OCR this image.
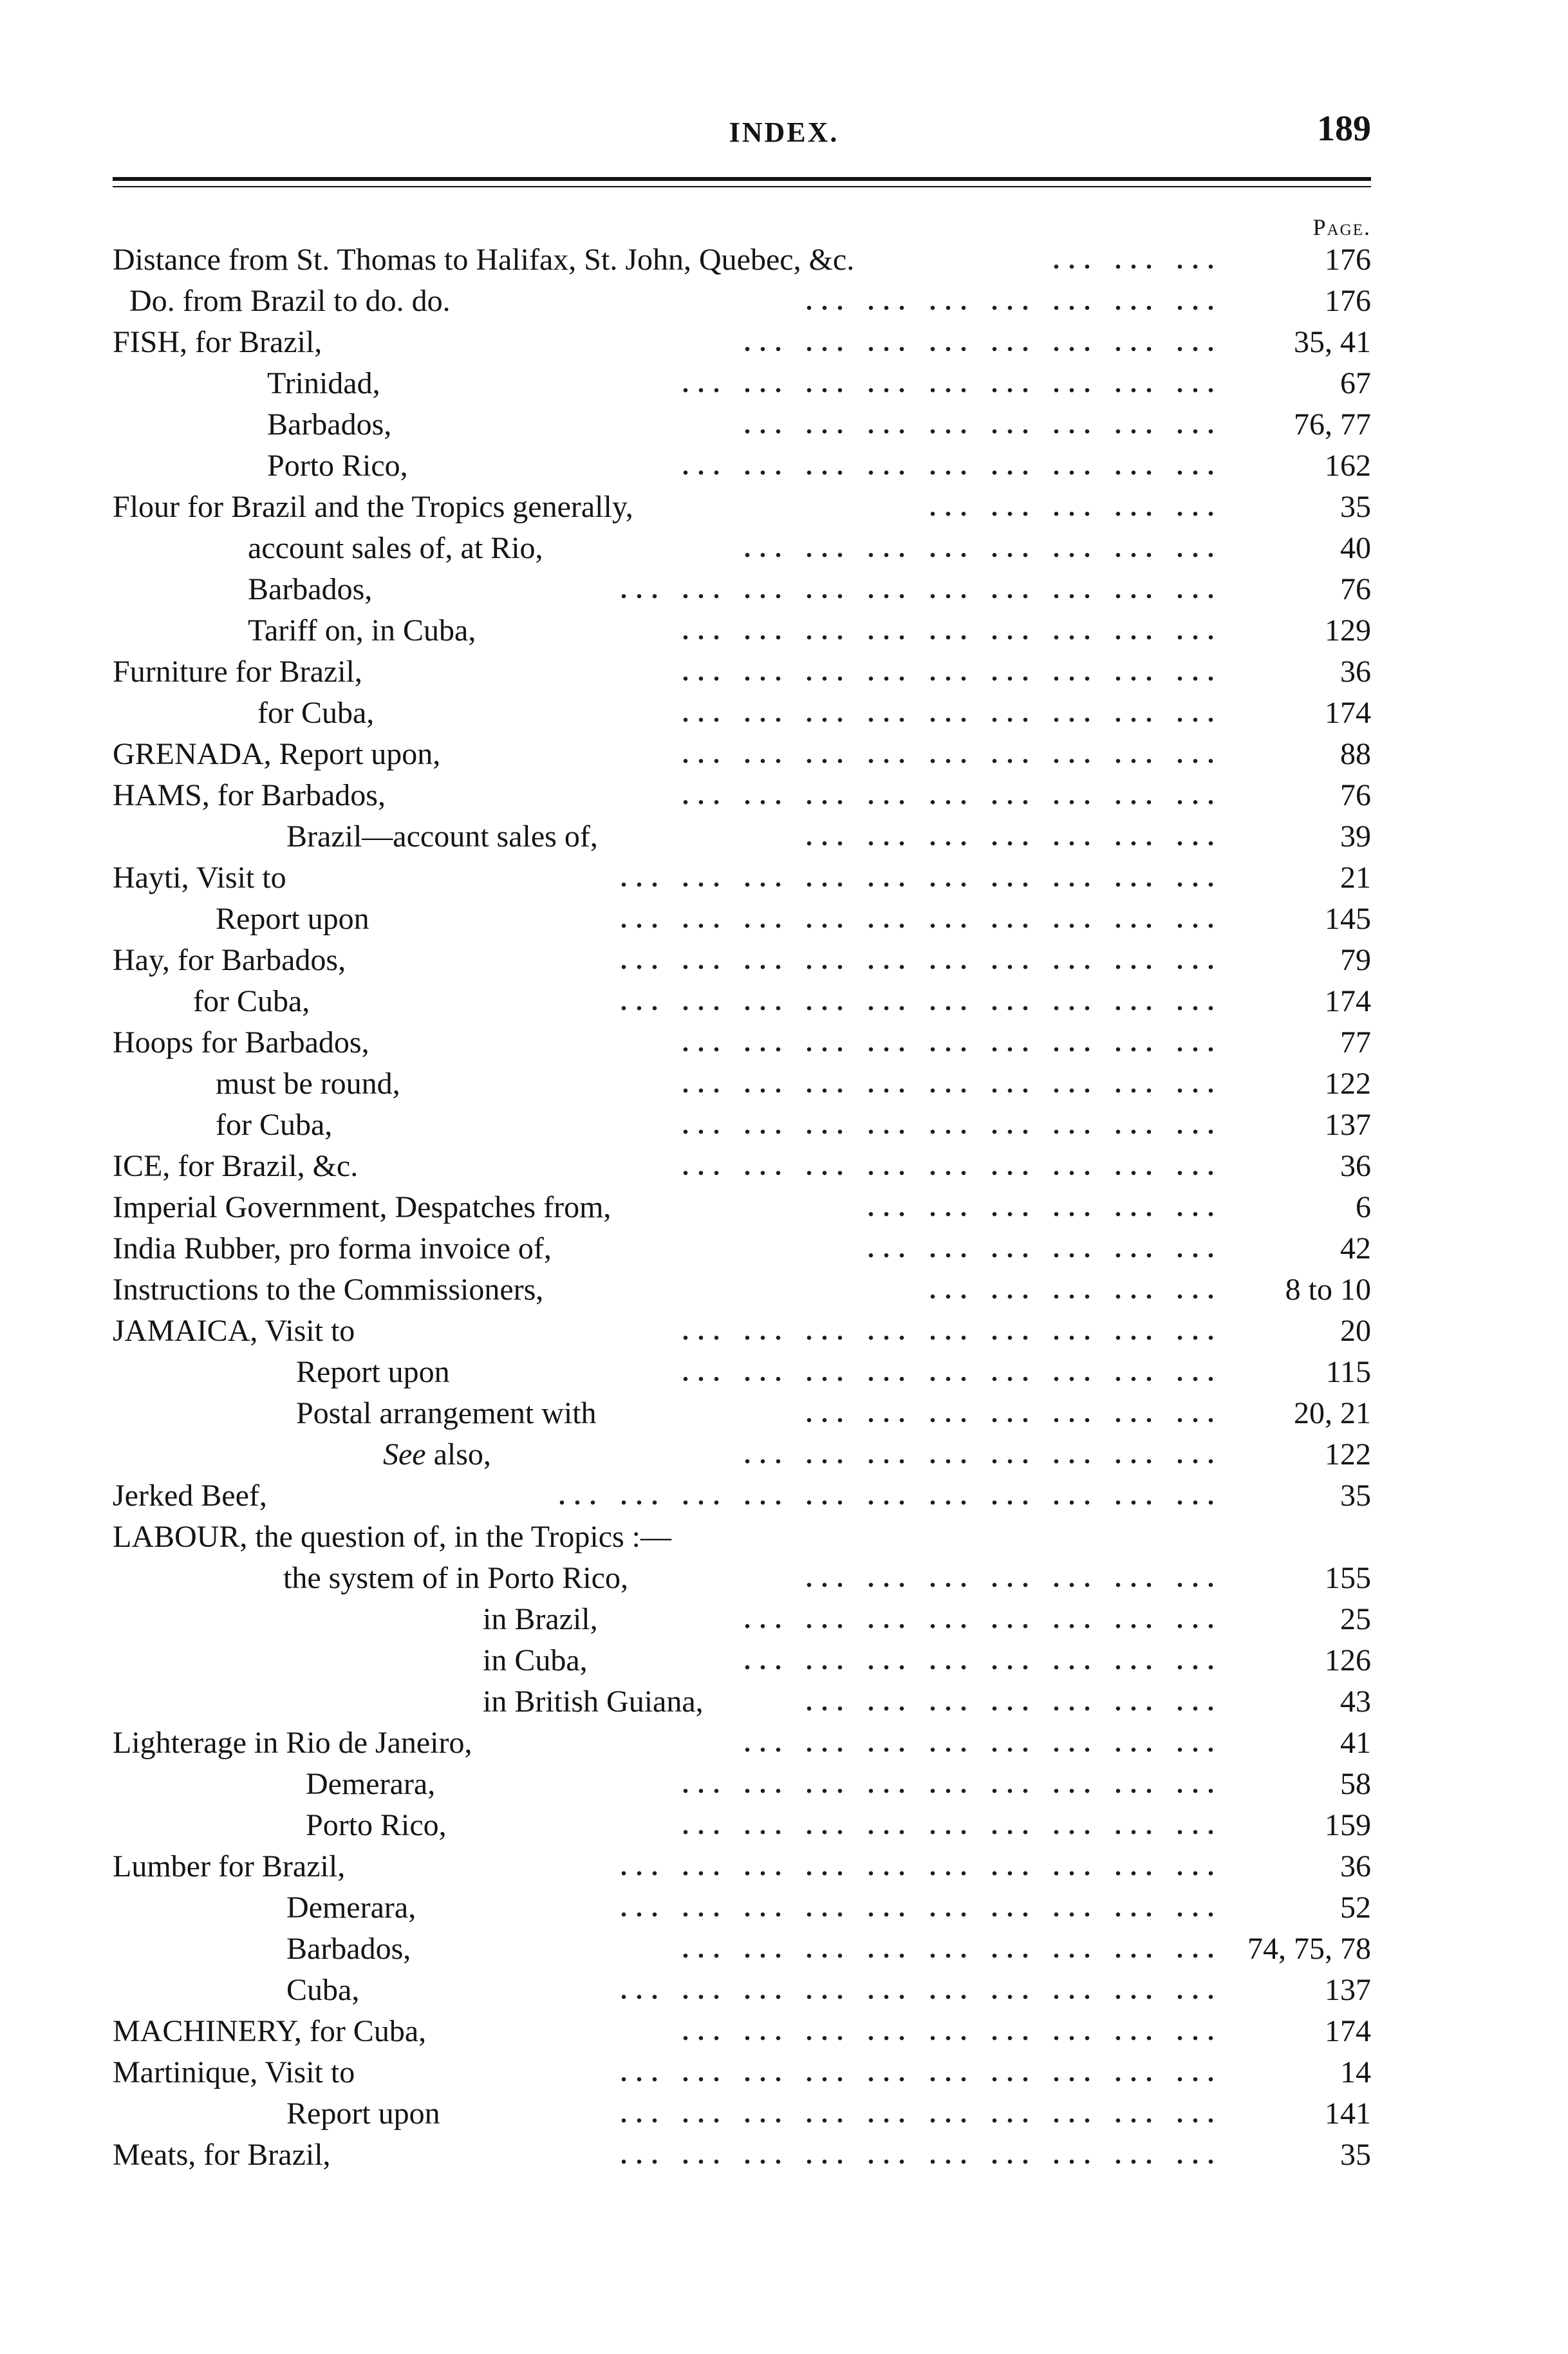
INDEX.	189
Page.
Distance from St. Thomas to Halifax, St. John, Quebec, &c.	... ... ...	176
Do. from Brazil to do. do.	... ... ... ... ... ... ...	176
FISH, for Brazil,	... ... ... ... ... ... ... ...	35, 41
Trinidad,	... ... ... ... ... ... ... ... ...	67
Barbados,	... ... ... ... ... ... ... ...	76, 77
Porto Rico,	... ... ... ... ... ... ... ... ...	162
Flour for Brazil and the Tropics generally,	... ... ... ... ...	35
account sales of, at Rio,	... ... ... ... ... ... ... ...	40
Barbados,	... ... ... ... ... ... ... ... ... ...	76
Tariff on, in Cuba,	... ... ... ... ... ... ... ... ...	129
Furniture for Brazil,	... ... ... ... ... ... ... ... ...	36
for Cuba,	... ... ... ... ... ... ... ... ...	174
GRENADA, Report upon,	... ... ... ... ... ... ... ... ...	88
HAMS, for Barbados,	... ... ... ... ... ... ... ... ...	76
Brazil—account sales of,	... ... ... ... ... ... ...	39
Hayti, Visit to	... ... ... ... ... ... ... ... ... ...	21
Report upon	... ... ... ... ... ... ... ... ... ...	145
Hay, for Barbados,	... ... ... ... ... ... ... ... ... ...	79
for Cuba,	... ... ... ... ... ... ... ... ... ...	174
Hoops for Barbados,	... ... ... ... ... ... ... ... ...	77
must be round,	... ... ... ... ... ... ... ... ...	122
for Cuba,	... ... ... ... ... ... ... ... ...	137
ICE, for Brazil, &c.	... ... ... ... ... ... ... ... ...	36
Imperial Government, Despatches from,	... ... ... ... ... ...	6
India Rubber, pro forma invoice of,	... ... ... ... ... ...	42
Instructions to the Commissioners,	... ... ... ... ...	8 to 10
JAMAICA, Visit to	... ... ... ... ... ... ... ... ...	20
Report upon	... ... ... ... ... ... ... ... ...	115
Postal arrangement with	... ... ... ... ... ... ...	20, 21
See also,	... ... ... ... ... ... ... ...	122
Jerked Beef,	... ... ... ... ... ... ... ... ... ... ...	35
LABOUR, the question of, in the Tropics :—
the system of in Porto Rico,	... ... ... ... ... ... ...	155
in Brazil,	... ... ... ... ... ... ... ...	25
in Cuba,	... ... ... ... ... ... ... ...	126
in British Guiana,	... ... ... ... ... ... ...	43
Lighterage in Rio de Janeiro,	... ... ... ... ... ... ... ...	41
Demerara,	... ... ... ... ... ... ... ... ...	58
Porto Rico,	... ... ... ... ... ... ... ... ...	159
Lumber for Brazil,	... ... ... ... ... ... ... ... ... ...	36
Demerara,	... ... ... ... ... ... ... ... ... ...	52
Barbados,	... ... ... ... ... ... ... ... ... 74, 75, 78
Cuba,	... ... ... ... ... ... ... ... ... ...	137
MACHINERY, for Cuba,	... ... ... ... ... ... ... ... ...	174
Martinique, Visit to	... ... ... ... ... ... ... ... ... ...	14
Report upon	... ... ... ... ... ... ... ... ... ...	141
Meats, for Brazil,	... ... ... ... ... ... ... ... ... ...	35
